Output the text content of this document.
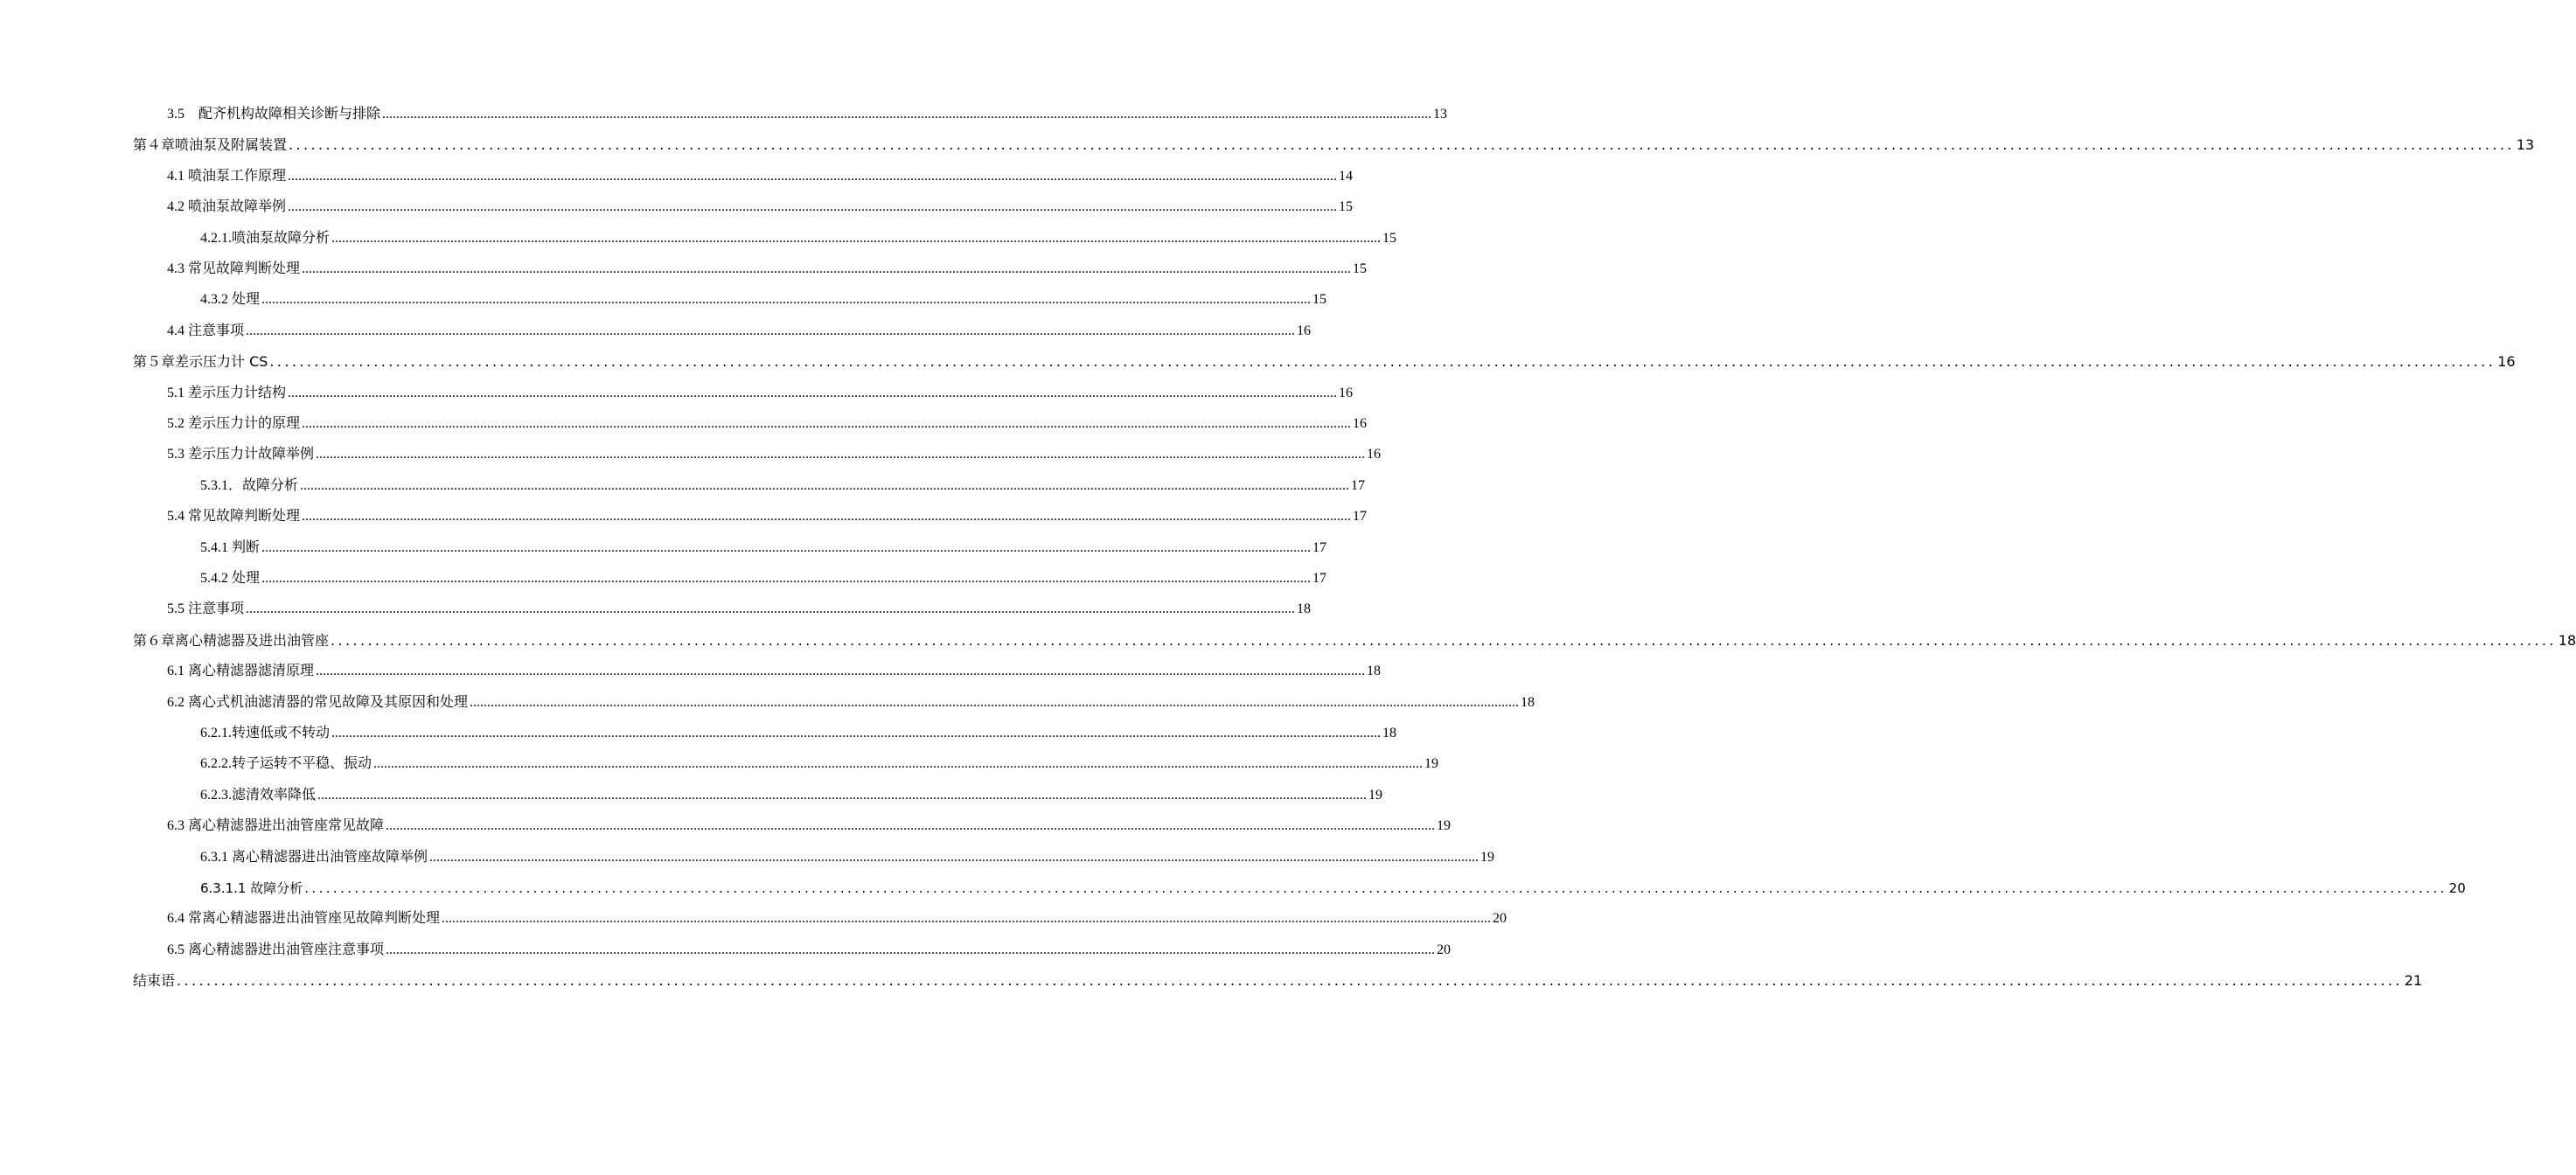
3.5　配齐机构故障相关诊断与排除 ............................................................................................................................................................................................................................................................................................................ 13
第４章喷油泵及附属装置 ............................................................................................................................................................................................................................................................................................................ 13
4.1 喷油泵工作原理 ............................................................................................................................................................................................................................................................................................................ 14
4.2 喷油泵故障举例 ............................................................................................................................................................................................................................................................................................................ 15
4.2.1.喷油泵故障分析 ............................................................................................................................................................................................................................................................................................................ 15
4.3 常见故障判断处理 ............................................................................................................................................................................................................................................................................................................ 15
4.3.2 处理 ............................................................................................................................................................................................................................................................................................................ 15
4.4 注意事项 ............................................................................................................................................................................................................................................................................................................ 16
第５章差示压力计 CS ............................................................................................................................................................................................................................................................................................................ 16
5.1 差示压力计结构 ............................................................................................................................................................................................................................................................................................................ 16
5.2 差示压力计的原理 ............................................................................................................................................................................................................................................................................................................ 16
5.3 差示压力计故障举例 ............................................................................................................................................................................................................................................................................................................ 16
5.3.1．故障分析 ............................................................................................................................................................................................................................................................................................................ 17
5.4 常见故障判断处理 ............................................................................................................................................................................................................................................................................................................ 17
5.4.1 判断 ............................................................................................................................................................................................................................................................................................................ 17
5.4.2 处理 ............................................................................................................................................................................................................................................................................................................ 17
5.5 注意事项 ............................................................................................................................................................................................................................................................................................................ 18
第６章离心精滤器及进出油管座 ............................................................................................................................................................................................................................................................................................................ 18
6.1 离心精滤器滤清原理 ............................................................................................................................................................................................................................................................................................................ 18
6.2 离心式机油滤清器的常见故障及其原因和处理 ............................................................................................................................................................................................................................................................................................................ 18
6.2.1.转速低或不转动 ............................................................................................................................................................................................................................................................................................................ 18
6.2.2.转子运转不平稳、振动 ............................................................................................................................................................................................................................................................................................................ 19
6.2.3.滤清效率降低 ............................................................................................................................................................................................................................................................................................................ 19
6.3 离心精滤器进出油管座常见故障 ............................................................................................................................................................................................................................................................................................................ 19
6.3.1 离心精滤器进出油管座故障举例 ............................................................................................................................................................................................................................................................................................................ 19
6.3.1.1 故障分析 ............................................................................................................................................................................................................................................................................................................ 20
6.4 常离心精滤器进出油管座见故障判断处理 ............................................................................................................................................................................................................................................................................................................ 20
6.5 离心精滤器进出油管座注意事项 ............................................................................................................................................................................................................................................................................................................ 20
结束语 ............................................................................................................................................................................................................................................................................................................ 21
